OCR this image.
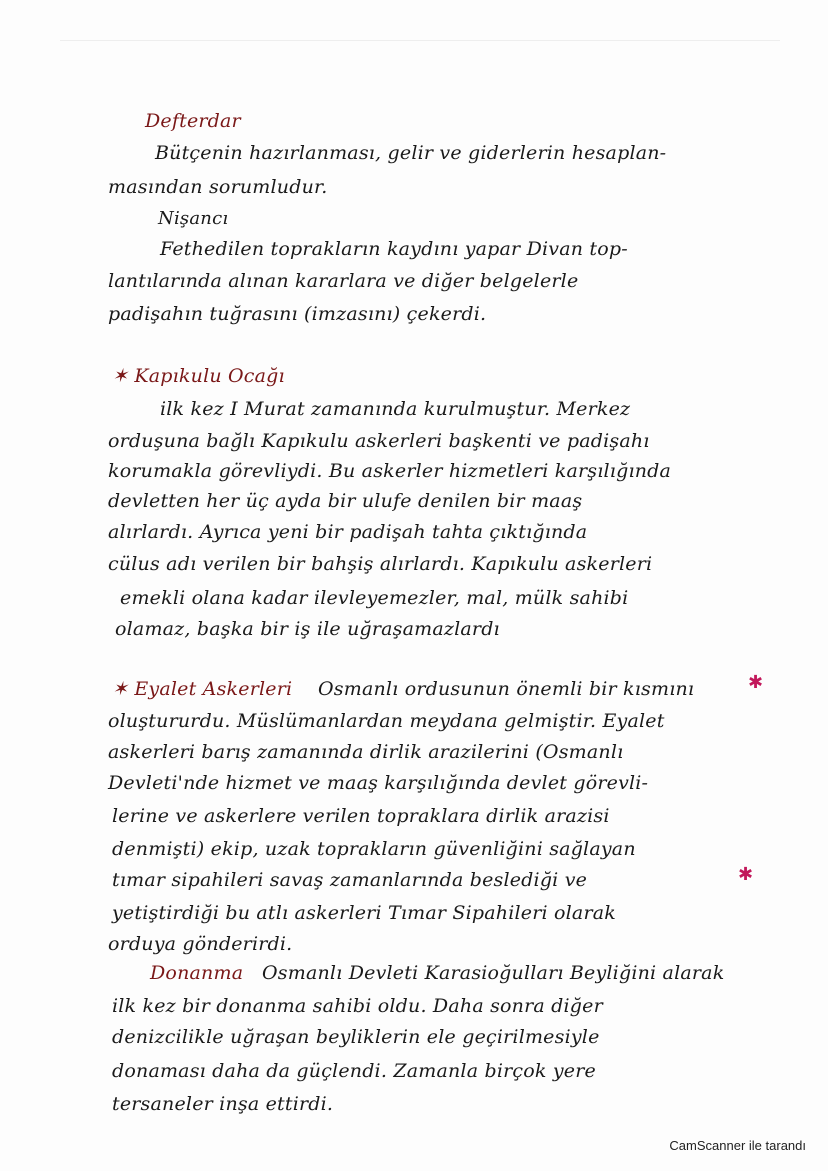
Defterdar
Bütçenin hazırlanması, gelir ve giderlerin hesaplan-
masından sorumludur.
Nişancı
Fethedilen toprakların kaydını yapar Divan top-
lantılarında alınan kararlara ve diğer belgelerle
padişahın tuğrasını (imzasını) çekerdi.
✶ Kapıkulu Ocağı
ilk kez I Murat zamanında kurulmuştur. Merkez
orduşuna bağlı Kapıkulu askerleri başkenti ve padişahı
korumakla görevliydi. Bu askerler hizmetleri karşılığında
devletten her üç ayda bir ulufe denilen bir maaş
alırlardı. Ayrıca yeni bir padişah tahta çıktığında
cülus adı verilen bir bahşiş alırlardı. Kapıkulu askerleri
emekli olana kadar ilevleyemezler, mal, mülk sahibi
olamaz, başka bir iş ile uğraşamazlardı
✶ Eyalet Askerleri	Osmanlı ordusunun önemli bir kısmını	✱
oluştururdu. Müslümanlardan meydana gelmiştir. Eyalet
askerleri barış zamanında dirlik arazilerini (Osmanlı
Devleti'nde hizmet ve maaş karşılığında devlet görevli-
lerine ve askerlere verilen topraklara dirlik arazisi
denmişti) ekip, uzak toprakların güvenliğini sağlayan
tımar sipahileri savaş zamanlarında beslediği ve	✱
yetiştirdiği bu atlı askerleri Tımar Sipahileri olarak
orduya gönderirdi.
Donanma Osmanlı Devleti Karasioğulları Beyliğini alarak
ilk kez bir donanma sahibi oldu. Daha sonra diğer
denizcilikle uğraşan beyliklerin ele geçirilmesiyle
donaması daha da güçlendi. Zamanla birçok yere
tersaneler inşa ettirdi.
CamScanner ile tarandı
